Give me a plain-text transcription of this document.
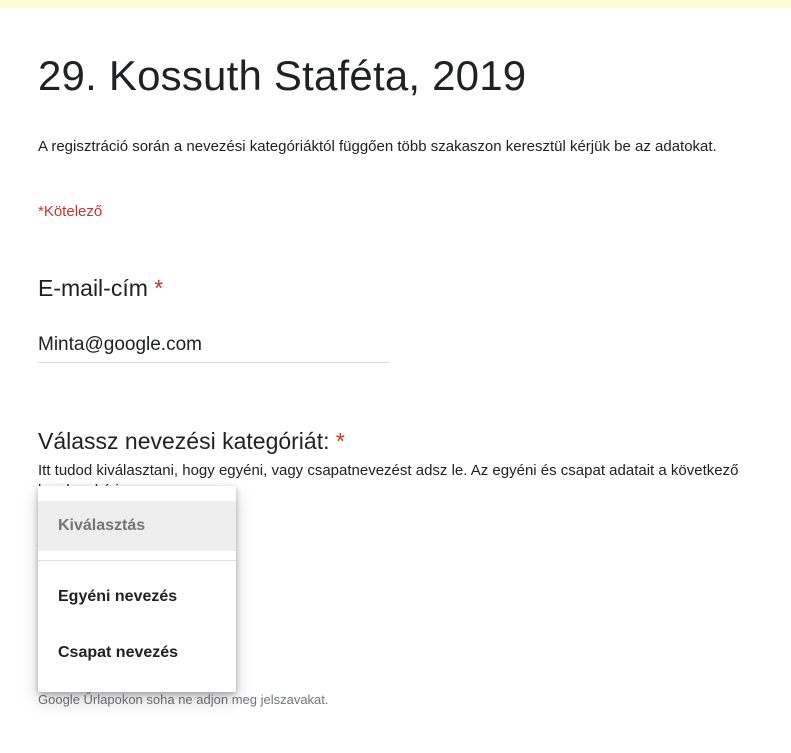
29. Kossuth Staféta, 2019
A regisztráció során a nevezési kategóriáktól függően több szakaszon keresztül kérjük be az adatokat.
*Kötelező
E-mail-cím *
Minta@google.com
Válassz nevezési kategóriát: *
Itt tudod kiválasztani, hogy egyéni, vagy csapatnevezést adsz le. Az egyéni és csapat adatait a következő
Google Űrlapokon soha ne adjon meg jelszavakat.
Kiválasztás
Egyéni nevezés
Csapat nevezés
